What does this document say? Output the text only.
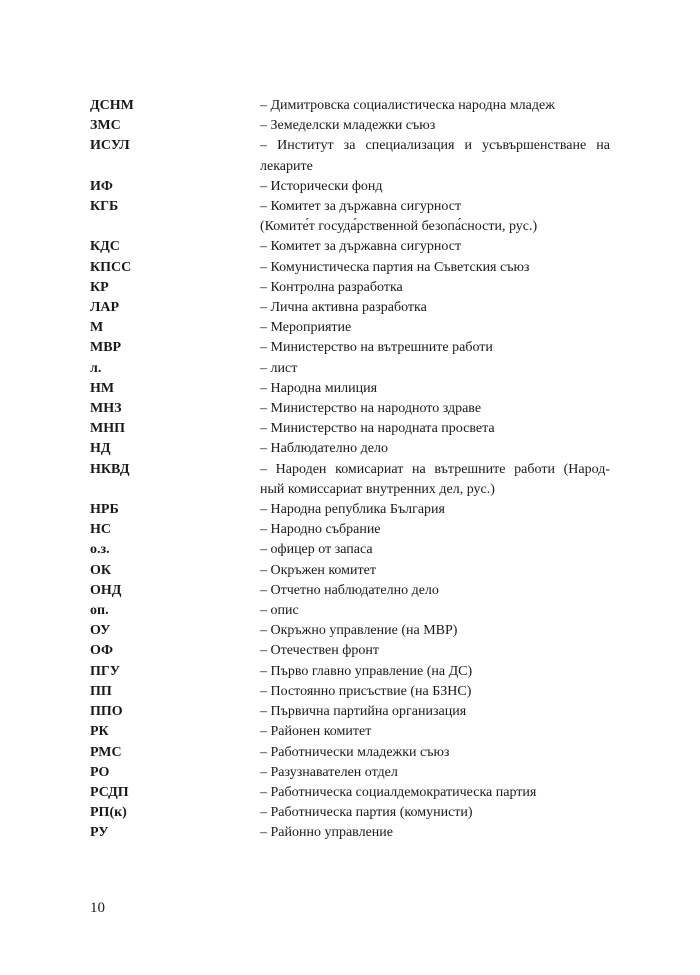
ДСНМ	– Димитровска социалистическа народна младеж
ЗМС	– Земеделски младежки съюз
ИСУЛ	– Институт за специализация и усъвършенстване на
лекарите
ИФ	– Исторически фонд
КГБ	– Комитет за държавна сигурност
(Комите́т госуда́рственной безопа́сности, рус.)
КДС	– Комитет за държавна сигурност
КПСС	– Комунистическа партия на Съветския съюз
КР	– Контролна разработка
ЛАР	– Лична активна разработка
М	– Мероприятие
МВР	– Министерство на вътрешните работи
л.	– лист
НМ	– Народна милиция
МНЗ	– Министерство на народното здраве
МНП	– Министерство на народната просвета
НД	– Наблюдателно дело
НКВД	– Народен комисариат на вътрешните работи (Народ-
ный комиссариат внутренних дел, рус.)
НРБ	– Народна република България
НС	– Народно събрание
о.з.	– офицер от запаса
ОК	– Окръжен комитет
ОНД	– Отчетно наблюдателно дело
оп.	– опис
ОУ	– Окръжно управление (на МВР)
ОФ	– Отечествен фронт
ПГУ	– Първо главно управление (на ДС)
ПП	– Постоянно присъствие (на БЗНС)
ППО	– Първична партийна организация
РК	– Районен комитет
РМС	– Работнически младежки съюз
РО	– Разузнавателен отдел
РСДП	– Работническа социалдемократическа партия
РП(к)	– Работническа партия (комунисти)
РУ	– Районно управление
10
